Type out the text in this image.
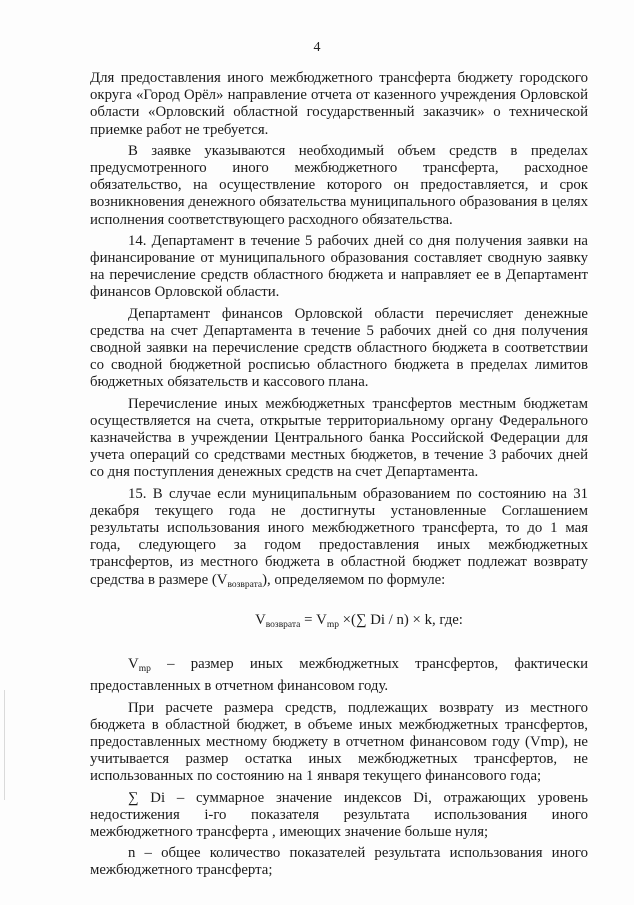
4

Для предоставления иного межбюджетного трансферта бюджету городского округа «Город Орёл» направление отчета от казенного учреждения Орловской области «Орловский областной государственный заказчик» о технической приемке работ не требуется.

В заявке указываются необходимый объем средств в пределах предусмотренного иного межбюджетного трансферта, расходное обязательство, на осуществление которого он предоставляется, и срок возникновения денежного обязательства муниципального образования в целях исполнения соответствующего расходного обязательства.

14. Департамент в течение 5 рабочих дней со дня получения заявки на финансирование от муниципального образования составляет сводную заявку на перечисление средств областного бюджета и направляет ее в Департамент финансов Орловской области.

Департамент финансов Орловской области перечисляет денежные средства на счет Департамента в течение 5 рабочих дней со дня получения сводной заявки на перечисление средств областного бюджета в соответствии со сводной бюджетной росписью областного бюджета в пределах лимитов бюджетных обязательств и кассового плана.

Перечисление иных межбюджетных трансфертов местным бюджетам осуществляется на счета, открытые территориальному органу Федерального казначейства в учреждении Центрального банка Российской Федерации для учета операций со средствами местных бюджетов, в течение 3 рабочих дней со дня поступления денежных средств на счет Департамента.

15. В случае если муниципальным образованием по состоянию на 31 декабря текущего года не достигнуты установленные Соглашением результаты использования иного межбюджетного трансферта, то до 1 мая года, следующего за годом предоставления иных межбюджетных трансфертов, из местного бюджета в областной бюджет подлежат возврату средства в размере $(V_{возврата})$, определяемом по формуле:

$V_{возврата} = V_{mp}$ ×(∑ Di / n) × k, где:

$V_{mp}$ – размер иных межбюджетных трансфертов, фактически предоставленных в отчетном финансовом году.

При расчете размера средств, подлежащих возврату из местного бюджета в областной бюджет, в объеме иных межбюджетных трансфертов, предоставленных местному бюджету в отчетном финансовом году (Vmp), не учитывается размер остатка иных межбюджетных трансфертов, не использованных по состоянию на 1 января текущего финансового года;

∑ Di – суммарное значение индексов Di, отражающих уровень недостижения i-го показателя результата использования иного межбюджетного трансферта , имеющих значение больше нуля;

n – общее количество показателей результата использования иного межбюджетного трансферта;
